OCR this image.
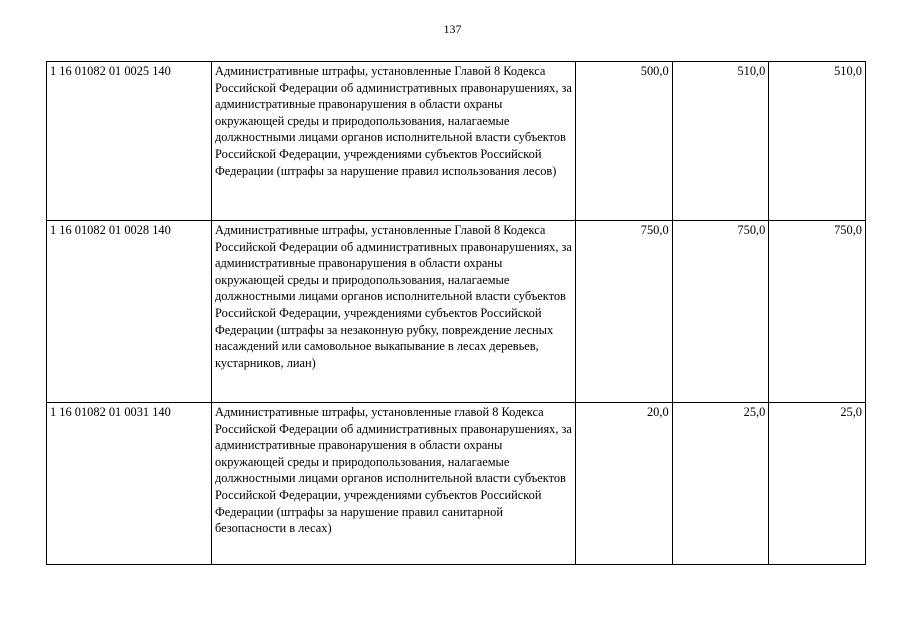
137
1 16 01082 01 0025 140	Административные штрафы, установленные Главой 8 Кодекса Российской Федерации об административных правонарушениях, за административные правонарушения в области охраны окружающей среды и природопользования, налагаемые должностными лицами органов исполнительной власти субъектов Российской Федерации, учреждениями субъектов Российской Федерации (штрафы за нарушение правил использования лесов)	500,0	510,0	510,0
1 16 01082 01 0028 140	Административные штрафы, установленные Главой 8 Кодекса Российской Федерации об административных правонарушениях, за административные правонарушения в области охраны окружающей среды и природопользования, налагаемые должностными лицами органов исполнительной власти субъектов Российской Федерации, учреждениями субъектов Российской Федерации (штрафы за незаконную рубку, повреждение лесных насаждений или самовольное выкапывание в лесах деревьев, кустарников, лиан)	750,0	750,0	750,0
1 16 01082 01 0031 140	Административные штрафы, установленные главой 8 Кодекса Российской Федерации об административных правонарушениях, за административные правонарушения в области охраны окружающей среды и природопользования, налагаемые должностными лицами органов исполнительной власти субъектов Российской Федерации, учреждениями субъектов Российской Федерации (штрафы за нарушение правил санитарной безопасности в лесах)	20,0	25,0	25,0
